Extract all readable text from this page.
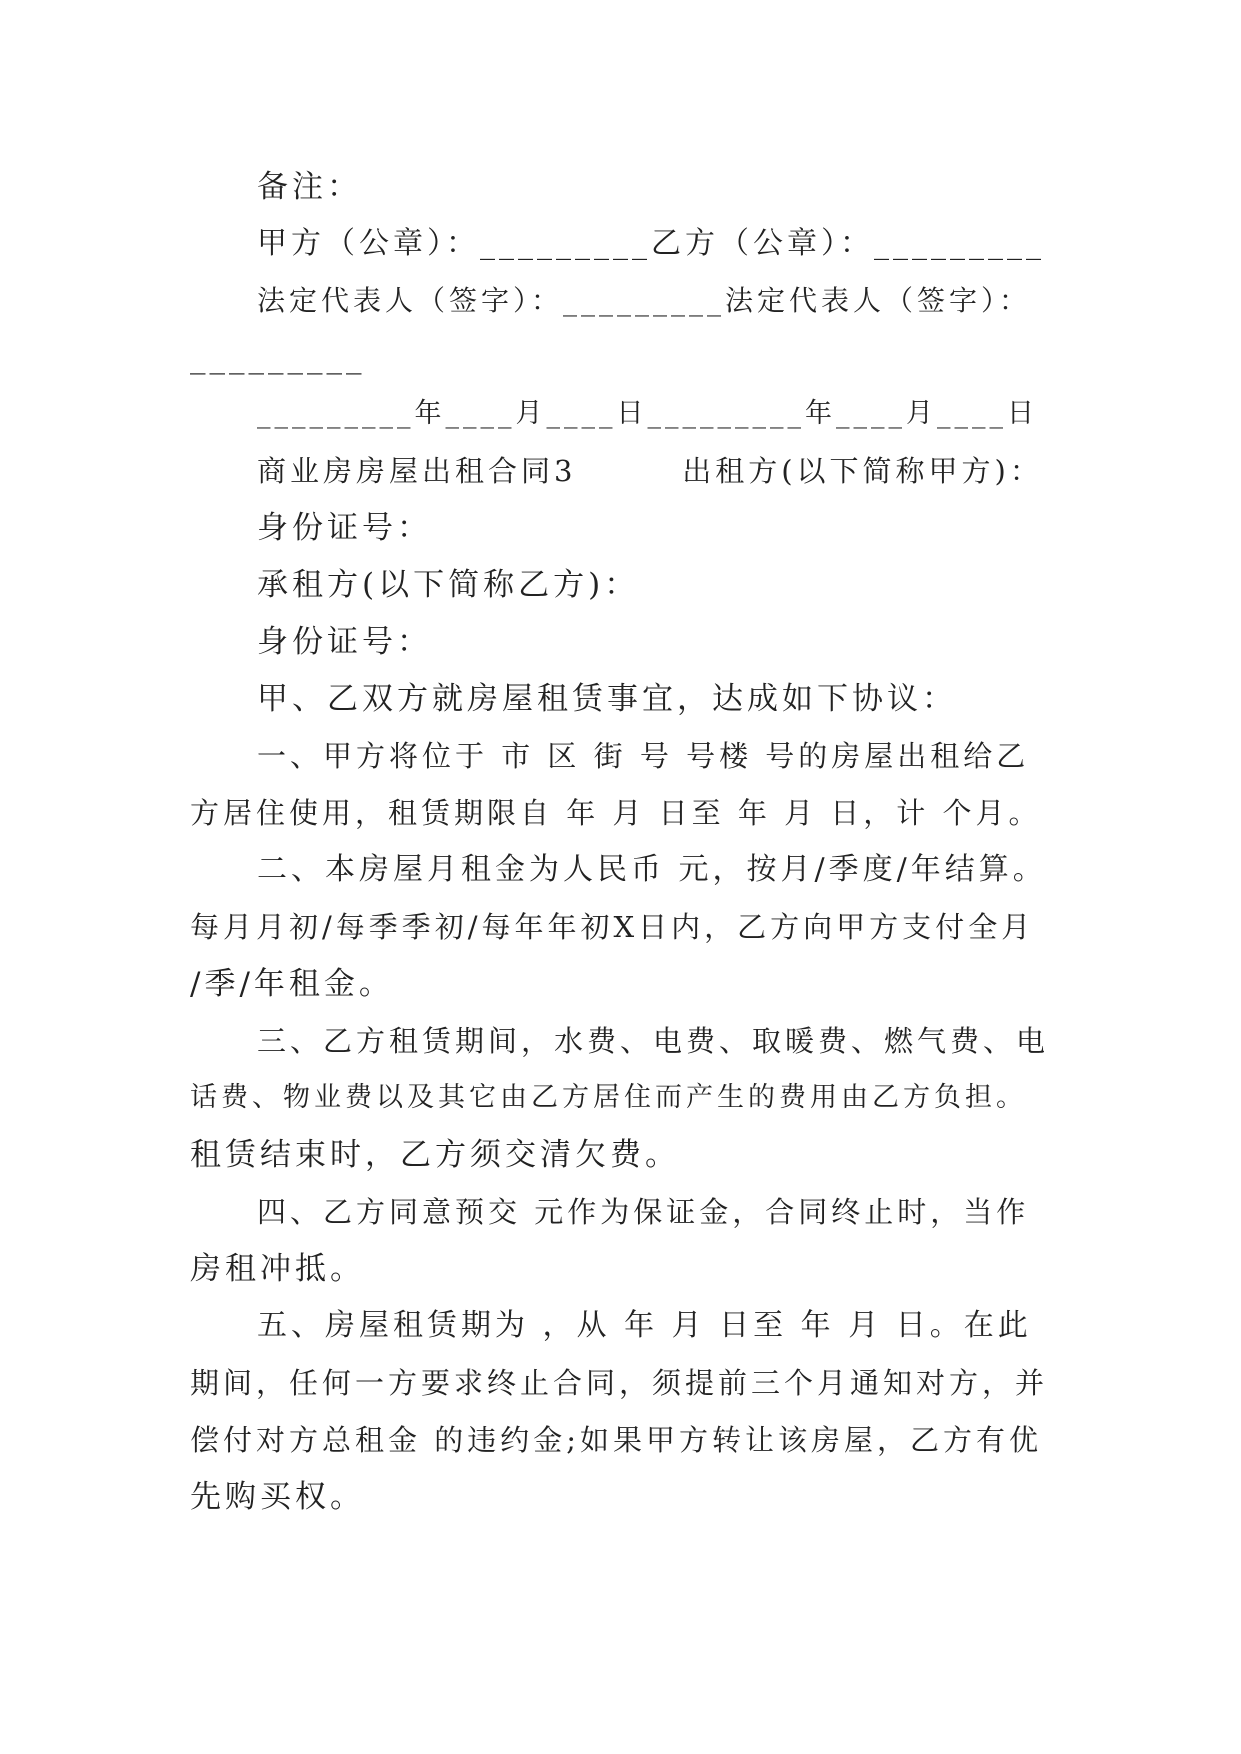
备注：
甲方（公章）：_________乙方（公章）：_________
法定代表人（签字）：_________法定代表人（签字）：
_________
_________年____月____日_________年____月____日
商业房房屋出租合同3        出租方(以下简称甲方)：
身份证号：
承租方(以下简称乙方)：
身份证号：
甲、乙双方就房屋租赁事宜，达成如下协议：
一、甲方将位于 市 区 街 号 号楼 号的房屋出租给乙
方居住使用，租赁期限自 年 月 日至 年 月 日，计 个月。
二、本房屋月租金为人民币 元，按月/季度/年结算。
每月月初/每季季初/每年年初X日内，乙方向甲方支付全月
/季/年租金。
三、乙方租赁期间，水费、电费、取暖费、燃气费、电
话费、物业费以及其它由乙方居住而产生的费用由乙方负担。
租赁结束时，乙方须交清欠费。
四、乙方同意预交 元作为保证金，合同终止时，当作
房租冲抵。
五、房屋租赁期为 ，从 年 月 日至 年 月 日。在此
期间，任何一方要求终止合同，须提前三个月通知对方，并
偿付对方总租金 的违约金;如果甲方转让该房屋，乙方有优
先购买权。
